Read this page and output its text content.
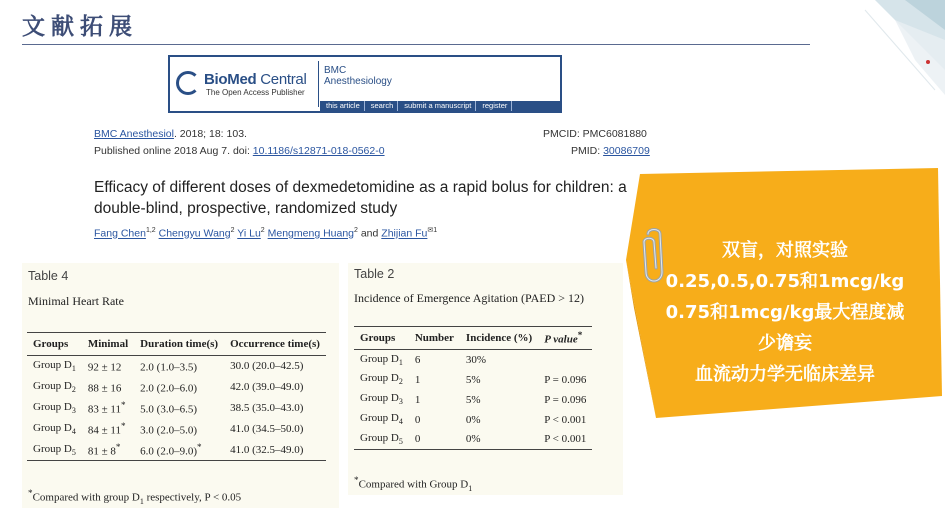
文献拓展
BioMed Central
The Open Access Publisher
BMC
Anesthesiology
this article	search	submit a manuscript	register
BMC Anesthesiol. 2018; 18: 103.
Published online 2018 Aug 7. doi: 10.1186/s12871-018-0562-0
PMCID: PMC6081880
PMID: 30086709
Efficacy of different doses of dexmedetomidine as a rapid bolus for children: a double-blind, prospective, randomized study
Fang Chen$^{1,2}$ Chengyu Wang$^2$ Yi Lu$^2$ Mengmeng Huang$^2$ and Zhijian $Fu^{✉1}$
Table 4
Minimal Heart Rate
Groups	Minimal	Duration time(s)	Occurrence time(s)
Group $D_1$	92 ± 12	2.0 (1.0–3.5)	30.0 (20.0–42.5)
Group $D_2$	88 ± 16	2.0 (2.0–6.0)	42.0 (39.0–49.0)
Group $D_3$	83 ± 11*	5.0 (3.0–6.5)	38.5 (35.0–43.0)
Group $D_4$	84 ± 11*	3.0 (2.0–5.0)	41.0 (34.5–50.0)
Group $D_5$	81 ± 8*	6.0 (2.0–9.0)*	41.0 (32.5–49.0)
*Compared with group $D_1$ respectively, P < 0.05
Table 2
Incidence of Emergence Agitation (PAED > 12)
Groups	Number	Incidence (%)	P value*
Group $D_1$	6	30%	
Group $D_2$	1	5%	P = 0.096
Group $D_3$	1	5%	P = 0.096
Group $D_4$	0	0%	P < 0.001
Group $D_5$	0	0%	P < 0.001
*Compared with Group $D_1$
双盲，对照实验
0.25,0.5,0.75和1mcg/kg
0.75和1mcg/kg最大程度减
少谵妄
血流动力学无临床差异
